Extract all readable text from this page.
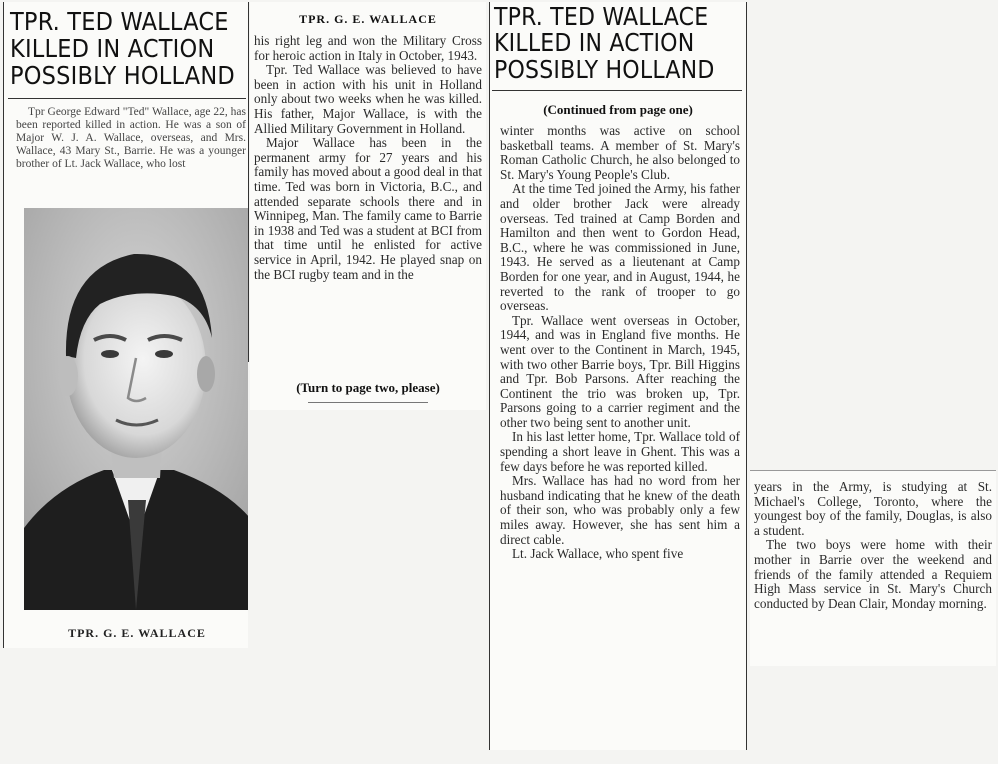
TPR. TED WALLACE
KILLED IN ACTION
POSSIBLY HOLLAND

Tpr George Edward "Ted" Wallace, age 22, has been reported killed in action. He was a son of Major W. J. A. Wallace, overseas, and Mrs. Wallace, 43 Mary St., Barrie. He was a younger brother of Lt. Jack Wallace, who lost

TPR. G. E. WALLACE
TPR. G. E. WALLACE

his right leg and won the Military Cross for heroic action in Italy in October, 1943.

Tpr. Ted Wallace was believed to have been in action with his unit in Holland only about two weeks when he was killed. His father, Major Wallace, is with the Allied Military Government in Holland.

Major Wallace has been in the permanent army for 27 years and his family has moved about a good deal in that time. Ted was born in Victoria, B.C., and attended separate schools there and in Winnipeg, Man. The family came to Barrie in 1938 and Ted was a student at BCI from that time until he enlisted for active service in April, 1942. He played snap on the BCI rugby team and in the

(Turn to page two, please)
TPR. TED WALLACE
KILLED IN ACTION
POSSIBLY HOLLAND
(Continued from page one)

winter months was active on school basketball teams. A member of St. Mary's Roman Catholic Church, he also belonged to St. Mary's Young People's Club.

At the time Ted joined the Army, his father and older brother Jack were already overseas. Ted trained at Camp Borden and Hamilton and then went to Gordon Head, B.C., where he was commissioned in June, 1943. He served as a lieutenant at Camp Borden for one year, and in August, 1944, he reverted to the rank of trooper to go overseas.

Tpr. Wallace went overseas in October, 1944, and was in England five months. He went over to the Continent in March, 1945, with two other Barrie boys, Tpr. Bill Higgins and Tpr. Bob Parsons. After reaching the Continent the trio was broken up, Tpr. Parsons going to a carrier regiment and the other two being sent to another unit.

In his last letter home, Tpr. Wallace told of spending a short leave in Ghent. This was a few days before he was reported killed.

Mrs. Wallace has had no word from her husband indicating that he knew of the death of their son, who was probably only a few miles away. However, she has sent him a direct cable.

Lt. Jack Wallace, who spent five

years in the Army, is studying at St. Michael's College, Toronto, where the youngest boy of the family, Douglas, is also a student.

The two boys were home with their mother in Barrie over the weekend and friends of the family attended a Requiem High Mass service in St. Mary's Church conducted by Dean Clair, Monday morning.
